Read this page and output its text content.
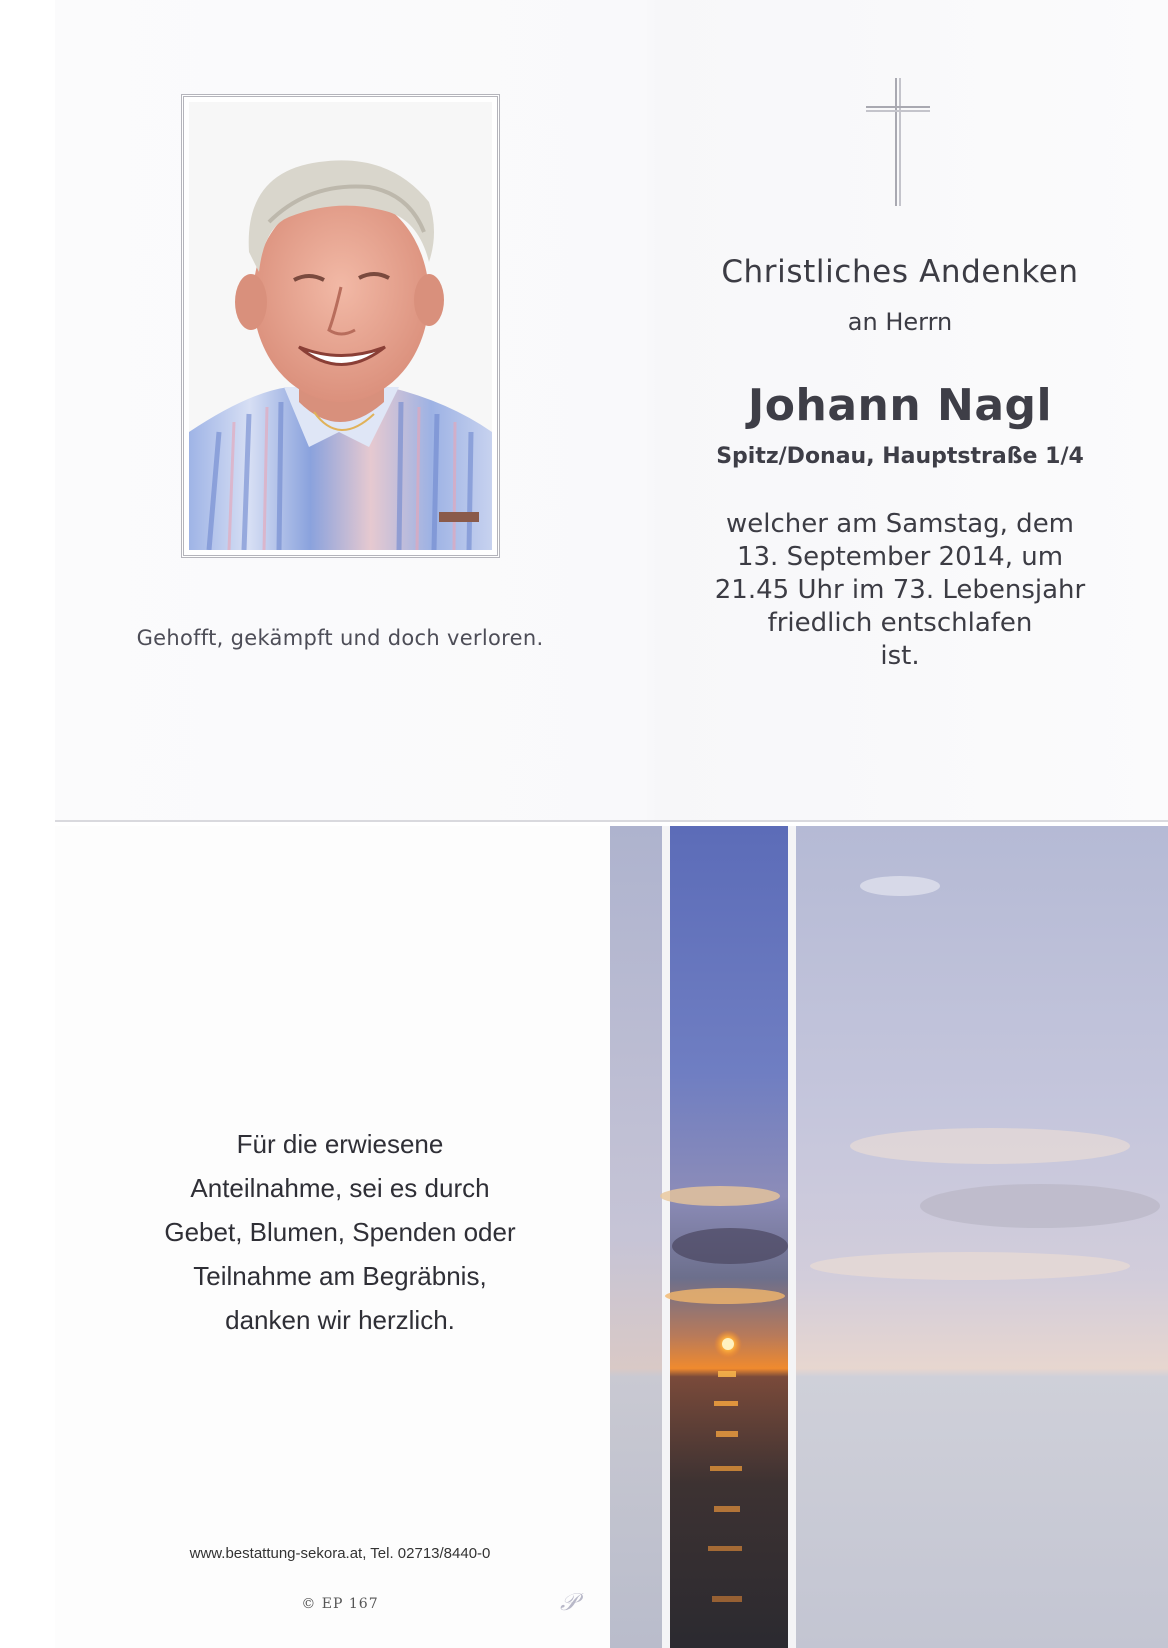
Gehofft, gekämpft und doch verloren.
Christliches Andenken
an Herrn
Johann Nagl
Spitz/Donau, Hauptstraße 1/4
welcher am Samstag, dem
13. September 2014, um
21.45 Uhr im 73. Lebensjahr
friedlich entschlafen
ist.
Für die erwiesene
Anteilnahme, sei es durch
Gebet, Blumen, Spenden oder
Teilnahme am Begräbnis,
danken wir herzlich.
www.bestattung-sekora.at, Tel. 02713/8440-0
© EP 167	𝒫
